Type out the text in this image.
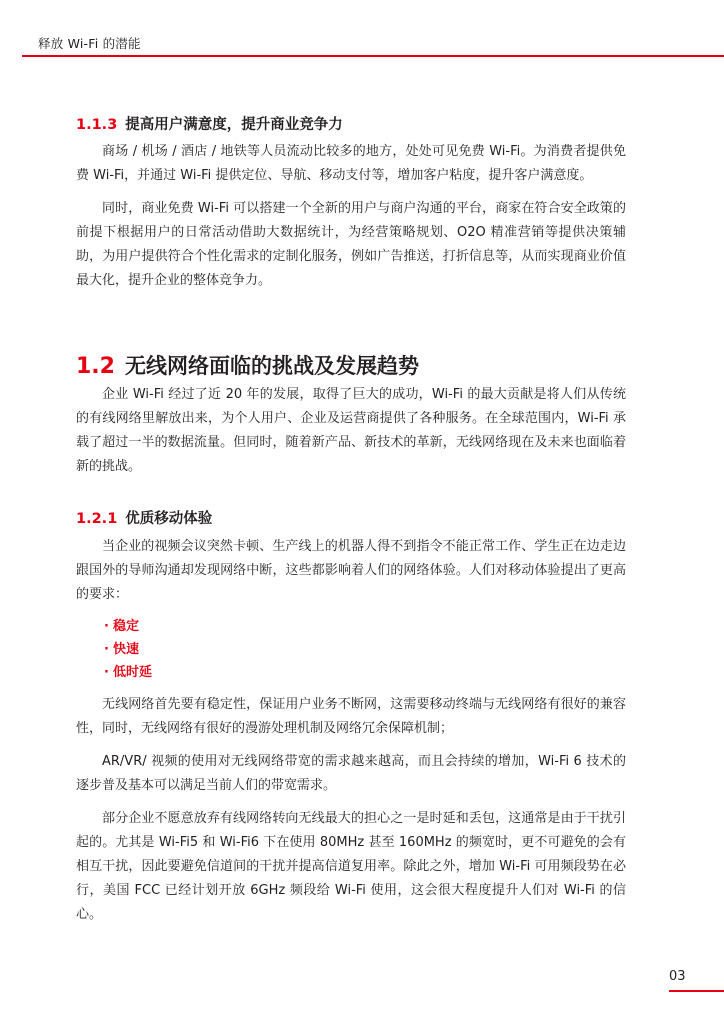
释放 Wi-Fi 的潜能
1.1.3 提高用户满意度，提升商业竞争力

商场 / 机场 / 酒店 / 地铁等人员流动比较多的地方，处处可见免费 Wi-Fi。为消费者提供免费 Wi-Fi，并通过 Wi-Fi 提供定位、导航、移动支付等，增加客户粘度，提升客户满意度。

同时，商业免费 Wi-Fi 可以搭建一个全新的用户与商户沟通的平台，商家在符合安全政策的前提下根据用户的日常活动借助大数据统计，为经营策略规划、O2O 精准营销等提供决策辅助，为用户提供符合个性化需求的定制化服务，例如广告推送，打折信息等，从而实现商业价值最大化，提升企业的整体竞争力。

1.2 无线网络面临的挑战及发展趋势

企业 Wi-Fi 经过了近 20 年的发展，取得了巨大的成功，Wi-Fi 的最大贡献是将人们从传统的有线网络里解放出来，为个人用户、企业及运营商提供了各种服务。在全球范围内，Wi-Fi 承载了超过一半的数据流量。但同时，随着新产品、新技术的革新，无线网络现在及未来也面临着新的挑战。

1.2.1 优质移动体验

当企业的视频会议突然卡顿、生产线上的机器人得不到指令不能正常工作、学生正在边走边跟国外的导师沟通却发现网络中断，这些都影响着人们的网络体验。人们对移动体验提出了更高的要求：

· 稳定
· 快速
· 低时延

无线网络首先要有稳定性，保证用户业务不断网，这需要移动终端与无线网络有很好的兼容性，同时，无线网络有很好的漫游处理机制及网络冗余保障机制；

AR/VR/ 视频的使用对无线网络带宽的需求越来越高，而且会持续的增加，Wi-Fi 6 技术的逐步普及基本可以满足当前人们的带宽需求。

部分企业不愿意放弃有线网络转向无线最大的担心之一是时延和丢包，这通常是由于干扰引起的。尤其是 Wi-Fi5 和 Wi-Fi6 下在使用 80MHz 甚至 160MHz 的频宽时，更不可避免的会有相互干扰，因此要避免信道间的干扰并提高信道复用率。除此之外，增加 Wi-Fi 可用频段势在必行，美国 FCC 已经计划开放 6GHz 频段给 Wi-Fi 使用，这会很大程度提升人们对 Wi-Fi 的信心。

03
